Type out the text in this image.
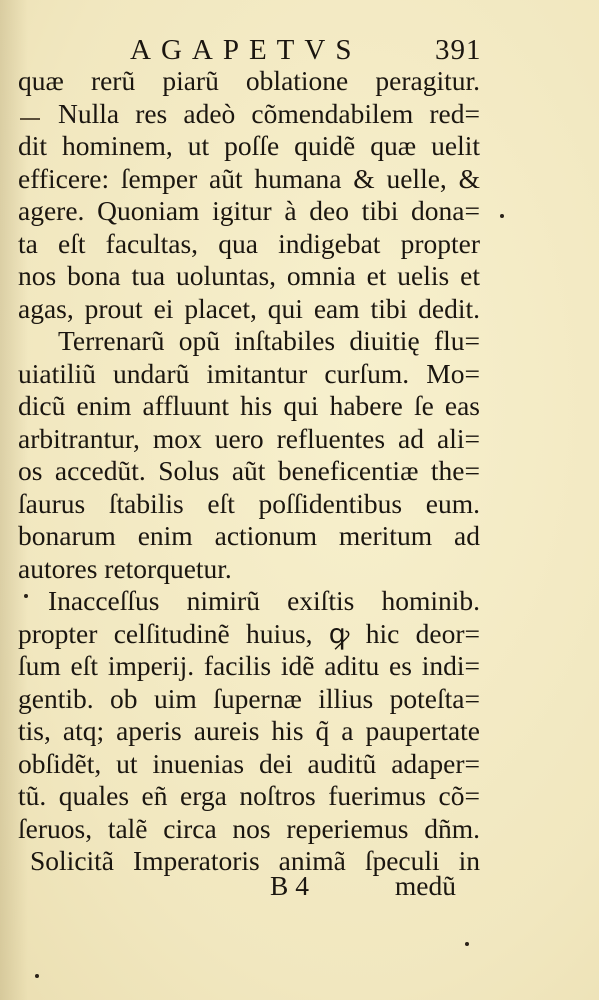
AGAPETVS	391
quæ rerũ piarũ oblatione peragitur.
Nulla res adeò cõmendabilem red=
dit hominem, ut poſſe quidẽ quæ uelit
efficere: ſemper aũt humana & uelle, &
agere. Quoniam igitur à deo tibi dona=
ta eſt facultas, qua indigebat propter
nos bona tua uoluntas, omnia et uelis et
agas, prout ei placet, qui eam tibi dedit.
Terrenarũ opũ inſtabiles diuitię flu=
uiatiliũ undarũ imitantur curſum. Mo=
dicũ enim affluunt his qui habere ſe eas
arbitrantur, mox uero refluentes ad ali=
os accedũt. Solus aũt beneficentiæ the=
ſaurus ſtabilis eſt poſſidentibus eum.
bonarum enim actionum meritum ad
autores retorquetur.
Inacceſſus nimirũ exiſtis hominib.
propter celſitudinẽ huius, ꝙ hic deor=
ſum eſt imperij. facilis idẽ aditu es indi=
gentib. ob uim ſupernæ illius poteſta=
tis, atq; aperis aureis his q̃ a paupertate
obſidẽt, ut inuenias dei auditũ adaper=
tũ. quales eñ erga noſtros fuerimus cõ=
ſeruos, talẽ circa nos reperiemus dñm.
Solicitã Imperatoris animã ſpeculi in
B 4	medũ
